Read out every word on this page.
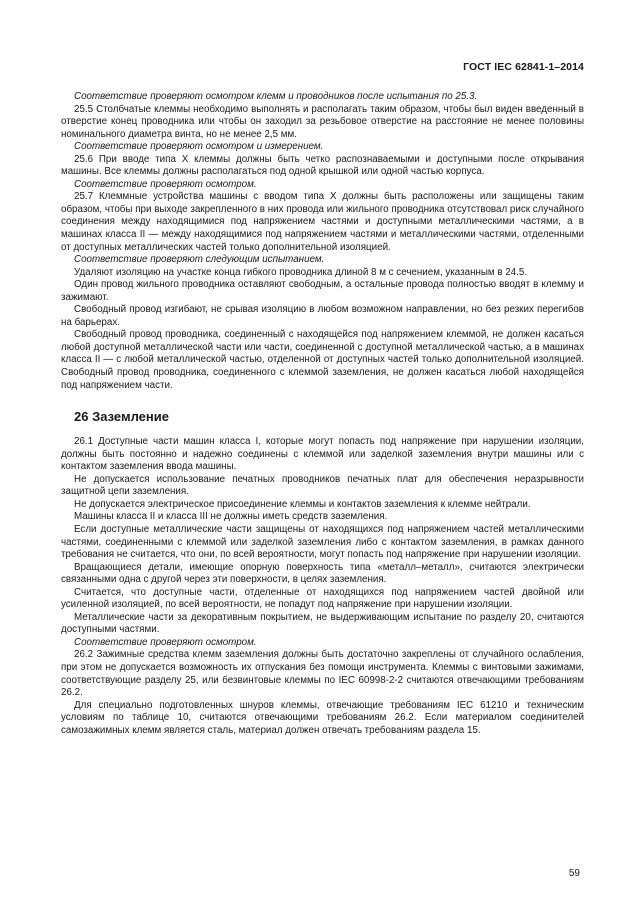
ГОСТ IEC 62841-1–2014

Соответствие проверяют осмотром клемм и проводников после испытания по 25.3.

25.5 Столбчатые клеммы необходимо выполнять и располагать таким образом, чтобы был виден введенный в отверстие конец проводника или чтобы он заходил за резьбовое отверстие на расстояние не менее половины номинального диаметра винта, но не менее 2,5 мм.

Соответствие проверяют осмотром и измерением.

25.6 При вводе типа X клеммы должны быть четко распознаваемыми и доступными после открывания машины. Все клеммы должны располагаться под одной крышкой или одной частью корпуса.

Соответствие проверяют осмотром.

25.7 Клеммные устройства машины с вводом типа X должны быть расположены или защищены таким образом, чтобы при выходе закрепленного в них провода или жильного проводника отсутствовал риск случайного соединения между находящимися под напряжением частями и доступными металлическими частями, а в машинах класса II — между находящимися под напряжением частями и металлическими частями, отделенными от доступных металлических частей только дополнительной изоляцией.

Соответствие проверяют следующим испытанием.

Удаляют изоляцию на участке конца гибкого проводника длиной 8 м с сечением, указанным в 24.5.

Один провод жильного проводника оставляют свободным, а остальные провода полностью вводят в клемму и зажимают.

Свободный провод изгибают, не срывая изоляцию в любом возможном направлении, но без резких перегибов на барьерах.

Свободный провод проводника, соединенный с находящейся под напряжением клеммой, не должен касаться любой доступной металлической части или части, соединенной с доступной металлической частью, а в машинах класса II — с любой металлической частью, отделенной от доступных частей только дополнительной изоляцией. Свободный провод проводника, соединенного с клеммой заземления, не должен касаться любой находящейся под напряжением части.

26 Заземление

26.1 Доступные части машин класса I, которые могут попасть под напряжение при нарушении изоляции, должны быть постоянно и надежно соединены с клеммой или заделкой заземления внутри машины или с контактом заземления ввода машины.

Не допускается использование печатных проводников печатных плат для обеспечения неразрывности защитной цепи заземления.

Не допускается электрическое присоединение клеммы и контактов заземления к клемме нейтрали.

Машины класса II и класса III не должны иметь средств заземления.

Если доступные металлические части защищены от находящихся под напряжением частей металлическими частями, соединенными с клеммой или заделкой заземления либо с контактом заземления, в рамках данного требования не считается, что они, по всей вероятности, могут попасть под напряжение при нарушении изоляции.

Вращающиеся детали, имеющие опорную поверхность типа «металл–металл», считаются электрически связанными одна с другой через эти поверхности, в целях заземления.

Считается, что доступные части, отделенные от находящихся под напряжением частей двойной или усиленной изоляцией, по всей вероятности, не попадут под напряжение при нарушении изоляции.

Металлические части за декоративным покрытием, не выдерживающим испытание по разделу 20, считаются доступными частями.

Соответствие проверяют осмотром.

26.2 Зажимные средства клемм заземления должны быть достаточно закреплены от случайного ослабления, при этом не допускается возможность их отпускания без помощи инструмента. Клеммы с винтовыми зажимами, соответствующие разделу 25, или безвинтовые клеммы по IEC 60998-2-2 считаются отвечающими требованиям 26.2.

Для специально подготовленных шнуров клеммы, отвечающие требованиям IEC 61210 и техническим условиям по таблице 10, считаются отвечающими требованиям 26.2. Если материалом соединителей самозажимных клемм является сталь, материал должен отвечать требованиям раздела 15.

59
